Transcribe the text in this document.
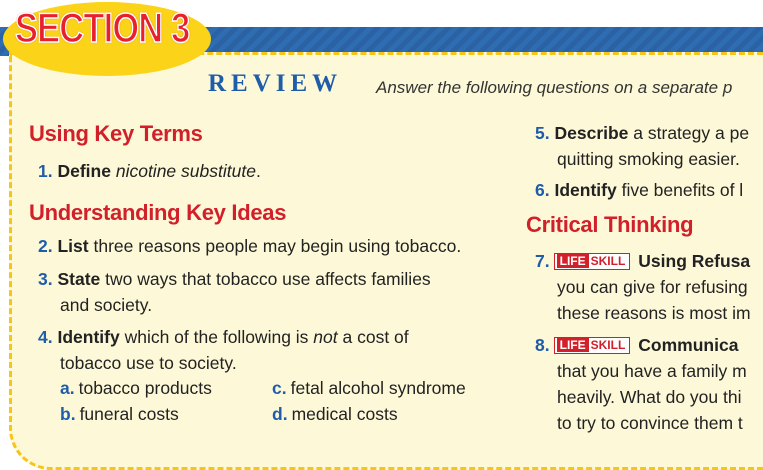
SECTION 3
REVIEW Answer the following questions on a separate p
Using Key Terms
1. Define nicotine substitute.
Understanding Key Ideas
2. List three reasons people may begin using tobacco.
3. State two ways that tobacco use affects families
and society.
4. Identify which of the following is not a cost of
tobacco use to society.
a. tobacco products
b. funeral costs
c. fetal alcohol syndrome
d. medical costs
5. Describe a strategy a pe
quitting smoking easier.
6. Identify five benefits of l
Critical Thinking
7. LIFE SKILL Using Refusa
you can give for refusing
these reasons is most im
8. LIFE SKILL Communica
that you have a family m
heavily. What do you thi
to try to convince them t
